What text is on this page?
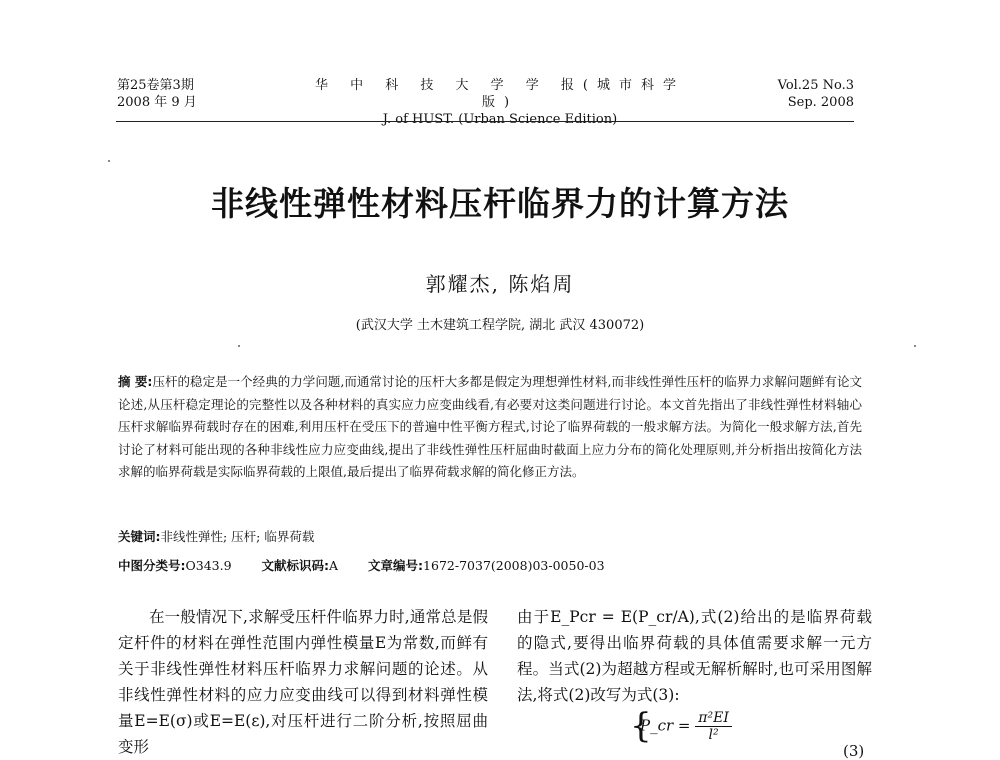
第25卷第3期
2008 年 9 月
华 中 科 技 大 学 学 报(城市科学版)
J. of HUST. (Urban Science Edition)
Vol.25 No.3
Sep. 2008
非线性弹性材料压杆临界力的计算方法
郭耀杰, 陈焰周
(武汉大学 土木建筑工程学院, 湖北 武汉 430072)
摘 要:压杆的稳定是一个经典的力学问题,而通常讨论的压杆大多都是假定为理想弹性材料,而非线性弹性压杆的临界力求解问题鲜有论文论述,从压杆稳定理论的完整性以及各种材料的真实应力应变曲线看,有必要对这类问题进行讨论。本文首先指出了非线性弹性材料轴心压杆求解临界荷载时存在的困难,利用压杆在受压下的普遍中性平衡方程式,讨论了临界荷载的一般求解方法。为简化一般求解方法,首先讨论了材料可能出现的各种非线性应力应变曲线,提出了非线性弹性压杆屈曲时截面上应力分布的简化处理原则,并分析指出按简化方法求解的临界荷载是实际临界荷载的上限值,最后提出了临界荷载求解的简化修正方法。
关键词:非线性弹性; 压杆; 临界荷载
中图分类号:O343.9 文献标识码:A 文章编号:1672-7037(2008)03-0050-03

在一般情况下,求解受压杆件临界力时,通常总是假定杆件的材料在弹性范围内弹性模量E为常数,而鲜有关于非线性弹性材料压杆临界力求解问题的论述。从非线性弹性材料的应力应变曲线可以得到材料弹性模量E=E(σ)或E=E(ε),对压杆进行二阶分析,按照屈曲变形

由于E_Pcr = E(P_cr/A),式(2)给出的是临界荷载的隐式,要得出临界荷载的具体值需要求解一元方程。当式(2)为超越方程或无解析解时,也可采用图解法,将式(2)改写为式(3):

{
P_cr = $\frac{\text{π²EI}}{\text{l²}}$
(3)
